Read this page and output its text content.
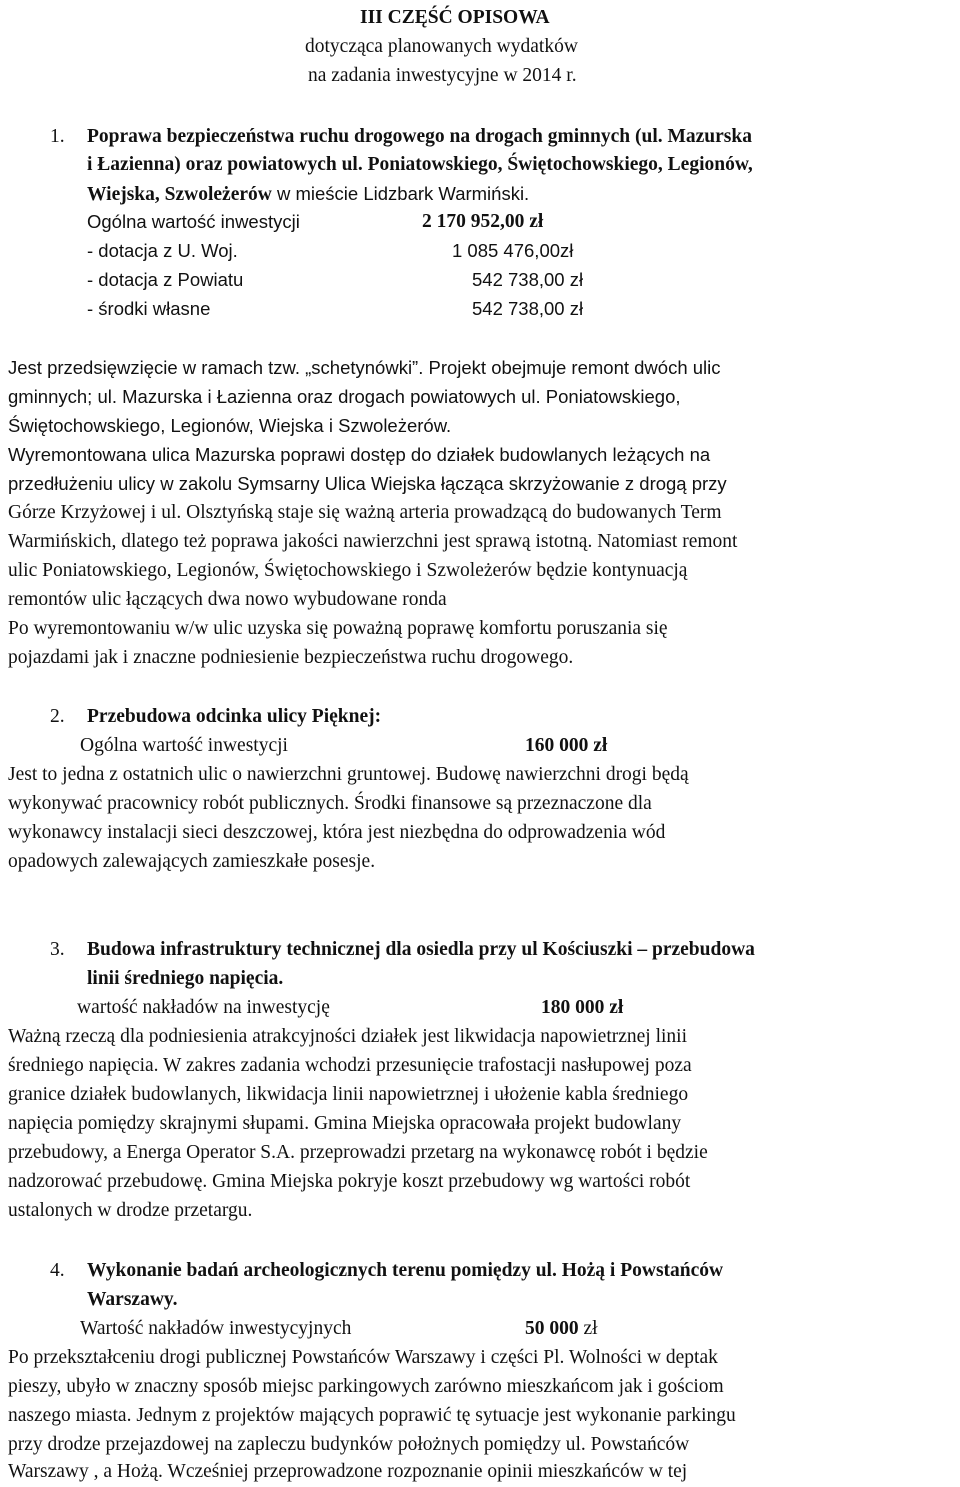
III CZĘŚĆ OPISOWA
dotycząca planowanych wydatków
na zadania inwestycyjne w 2014 r.
1. Poprawa bezpieczeństwa ruchu drogowego na drogach gminnych (ul. Mazurska
i Łazienna) oraz powiatowych ul. Poniatowskiego, Świętochowskiego, Legionów,
Wiejska, Szwoleżerów w mieście Lidzbark Warmiński.
Ogólna wartość inwestycji	2 170 952,00 zł
- dotacja z U. Woj.	1 085 476,00zł
- dotacja z Powiatu	542 738,00 zł
- środki własne	542 738,00 zł
Jest przedsięwzięcie w ramach tzw. „schetynówki”. Projekt obejmuje remont dwóch ulic
gminnych; ul. Mazurska i Łazienna oraz drogach powiatowych ul. Poniatowskiego,
Świętochowskiego, Legionów, Wiejska i Szwoleżerów.
Wyremontowana ulica Mazurska poprawi dostęp do działek budowlanych leżących na
przedłużeniu ulicy w zakolu Symsarny Ulica Wiejska łącząca skrzyżowanie z drogą przy
Górze Krzyżowej i ul. Olsztyńską staje się ważną arteria prowadzącą do budowanych Term
Warmińskich, dlatego też poprawa jakości nawierzchni jest sprawą istotną. Natomiast remont
ulic Poniatowskiego, Legionów, Świętochowskiego i Szwoleżerów będzie kontynuacją
remontów ulic łączących dwa nowo wybudowane ronda
Po wyremontowaniu w/w ulic uzyska się poważną poprawę komfortu poruszania się
pojazdami jak i znaczne podniesienie bezpieczeństwa ruchu drogowego.
2. Przebudowa odcinka ulicy Pięknej:
Ogólna wartość inwestycji	160 000 zł
Jest to jedna z ostatnich ulic o nawierzchni gruntowej. Budowę nawierzchni drogi będą
wykonywać pracownicy robót publicznych. Środki finansowe są przeznaczone dla
wykonawcy instalacji sieci deszczowej, która jest niezbędna do odprowadzenia wód
opadowych zalewających zamieszkałe posesje.
3. Budowa infrastruktury technicznej dla osiedla przy ul Kościuszki – przebudowa
linii średniego napięcia.
wartość nakładów na inwestycję	180 000 zł
Ważną rzeczą dla podniesienia atrakcyjności działek jest likwidacja napowietrznej linii
średniego napięcia. W zakres zadania wchodzi przesunięcie trafostacji nasłupowej poza
granice działek budowlanych, likwidacja linii napowietrznej i ułożenie kabla średniego
napięcia pomiędzy skrajnymi słupami. Gmina Miejska opracowała projekt budowlany
przebudowy, a Energa Operator S.A. przeprowadzi przetarg na wykonawcę robót i będzie
nadzorować przebudowę. Gmina Miejska pokryje koszt przebudowy wg wartości robót
ustalonych w drodze przetargu.
4. Wykonanie badań archeologicznych terenu pomiędzy ul. Hożą i Powstańców
Warszawy.
Wartość nakładów inwestycyjnych	50 000 zł
Po przekształceniu drogi publicznej Powstańców Warszawy i części Pl. Wolności w deptak
pieszy, ubyło w znaczny sposób miejsc parkingowych zarówno mieszkańcom jak i gościom
naszego miasta. Jednym z projektów mających poprawić tę sytuacje jest wykonanie parkingu
przy drodze przejazdowej na zapleczu budynków położnych pomiędzy ul. Powstańców
Warszawy , a Hożą. Wcześniej przeprowadzone rozpoznanie opinii mieszkańców w tej
